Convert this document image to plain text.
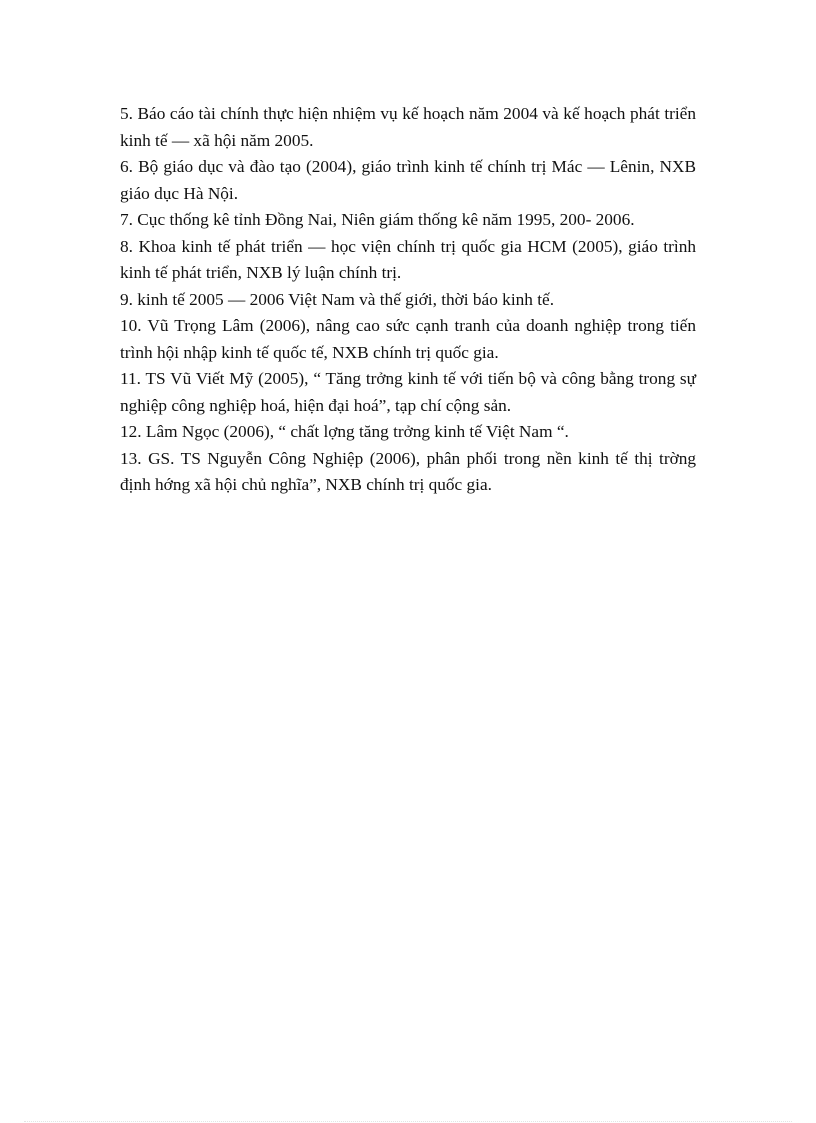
5. Báo cáo tài chính thực hiện nhiệm vụ kế hoạch năm 2004 và kế hoạch phát triển kinh tế — xã hội năm 2005.
6. Bộ giáo dục và đào tạo (2004), giáo trình kinh tế chính trị Mác — Lênin, NXB giáo dục Hà Nội.
7. Cục thống kê tỉnh Đồng Nai, Niên giám thống kê năm 1995, 200- 2006.
8. Khoa kinh tế phát triển — học viện chính trị quốc gia HCM (2005), giáo trình kinh tế phát triển, NXB lý luận chính trị.
9. kinh tế 2005 — 2006 Việt Nam và thế giới, thời báo kinh tế.
10. Vũ Trọng Lâm (2006), nâng cao sức cạnh tranh của doanh nghiệp trong tiến trình hội nhập kinh tế quốc tế, NXB chính trị quốc gia.
11. TS Vũ Viết Mỹ (2005), “ Tăng trởng kinh tế với tiến bộ và công bằng trong sự nghiệp công nghiệp hoá, hiện đại hoá”, tạp chí cộng sản.
12. Lâm Ngọc (2006), “ chất lợng tăng trởng kinh tế Việt Nam “.
13. GS. TS Nguyễn Công Nghiệp (2006), phân phối trong nền kinh tế thị trờng định hớng xã hội chủ nghĩa”, NXB chính trị quốc gia.
